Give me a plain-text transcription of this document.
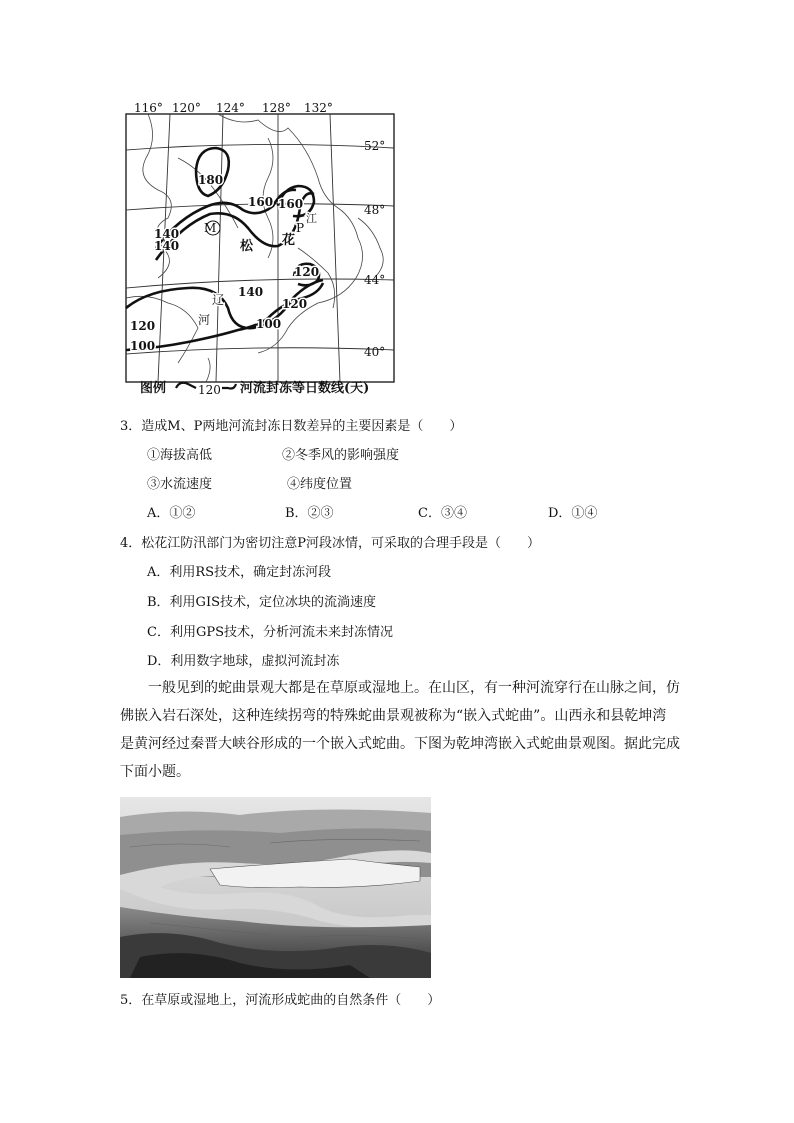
116° 120° 124° 128° 132°
52°
48°
44°
40°
180
160
140
160
140
120
100
120
100
140
120
M	P
松 花
江
辽
河
图例	120 河流封冻等日数线(天)
3．造成M、P两地河流封冻日数差异的主要因素是（　　）
①海拔高低	②冬季风的影响强度
③水流速度	④纬度位置
A．①②	B．②③	C．③④	D．①④
4．松花江防汛部门为密切注意P河段冰情，可采取的合理手段是（　　）
A．利用RS技术，确定封冻河段
B．利用GIS技术，定位冰块的流淌速度
C．利用GPS技术，分析河流未来封冻情况
D．利用数字地球，虚拟河流封冻
一般见到的蛇曲景观大都是在草原或湿地上。在山区，有一种河流穿行在山脉之间，仿
佛嵌入岩石深处，这种连续拐弯的特殊蛇曲景观被称为“嵌入式蛇曲”。山西永和县乾坤湾
是黄河经过秦晋大峡谷形成的一个嵌入式蛇曲。下图为乾坤湾嵌入式蛇曲景观图。据此完成
下面小题。
5．在草原或湿地上，河流形成蛇曲的自然条件（　　）
